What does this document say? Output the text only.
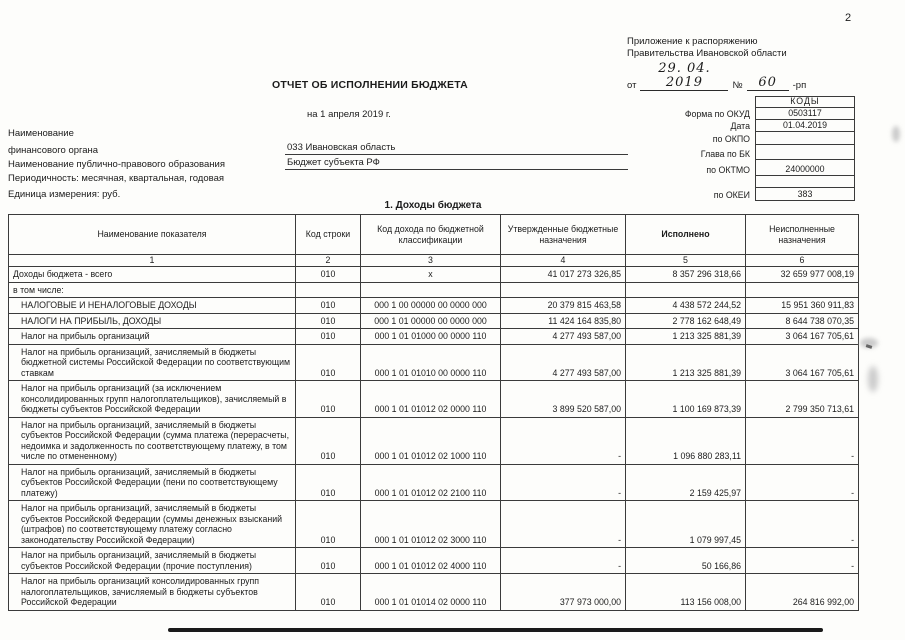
2
Приложение к распоряжению
Правительства Ивановской области
от
29. 04. 2019	№	60	-рп
ОТЧЕТ ОБ ИСПОЛНЕНИИ БЮДЖЕТА
на 1 апреля 2019 г.
КОДЫ
Форма по ОКУД	0503117
Дата	01.04.2019
по ОКПО
Глава по БК
по ОКТМО	24000000
по ОКЕИ	383
Наименование
финансового органа	033 Ивановская область
Наименование публично-правового образования	Бюджет субъекта РФ
Периодичность: месячная, квартальная, годовая
Единица измерения: руб.
1. Доходы бюджета
Наименование показателя	Код строки	Код дохода по бюджетной классификации	Утвержденные бюджетные назначения	Исполнено	Неисполненные назначения
1	2	3	4	5	6
Доходы бюджета - всего	010	х	41 017 273 326,85	8 357 296 318,66	32 659 977 008,19
в том числе:					
НАЛОГОВЫЕ И НЕНАЛОГОВЫЕ ДОХОДЫ	010	000 1 00 00000 00 0000 000	20 379 815 463,58	4 438 572 244,52	15 951 360 911,83
НАЛОГИ НА ПРИБЫЛЬ, ДОХОДЫ	010	000 1 01 00000 00 0000 000	11 424 164 835,80	2 778 162 648,49	8 644 738 070,35
Налог на прибыль организаций	010	000 1 01 01000 00 0000 110	4 277 493 587,00	1 213 325 881,39	3 064 167 705,61
Налог на прибыль организаций, зачисляемый в бюджеты бюджетной системы Российской Федерации по соответствующим ставкам	010	000 1 01 01010 00 0000 110	4 277 493 587,00	1 213 325 881,39	3 064 167 705,61
Налог на прибыль организаций (за исключением консолидированных групп налогоплательщиков), зачисляемый в бюджеты субъектов Российской Федерации	010	000 1 01 01012 02 0000 110	3 899 520 587,00	1 100 169 873,39	2 799 350 713,61
Налог на прибыль организаций, зачисляемый в бюджеты субъектов Российской Федерации (сумма платежа (перерасчеты, недоимка и задолженность по соответствующему платежу, в том числе по отмененному)	010	000 1 01 01012 02 1000 110	-	1 096 880 283,11	-
Налог на прибыль организаций, зачисляемый в бюджеты субъектов Российской Федерации (пени по соответствующему платежу)	010	000 1 01 01012 02 2100 110	-	2 159 425,97	-
Налог на прибыль организаций, зачисляемый в бюджеты субъектов Российской Федерации (суммы денежных взысканий (штрафов) по соответствующему платежу согласно законодательству Российской Федерации)	010	000 1 01 01012 02 3000 110	-	1 079 997,45	-
Налог на прибыль организаций, зачисляемый в бюджеты субъектов Российской Федерации (прочие поступления)	010	000 1 01 01012 02 4000 110	-	50 166,86	-
Налог на прибыль организаций консолидированных групп налогоплательщиков, зачисляемый в бюджеты субъектов Российской Федерации	010	000 1 01 01014 02 0000 110	377 973 000,00	113 156 008,00	264 816 992,00
